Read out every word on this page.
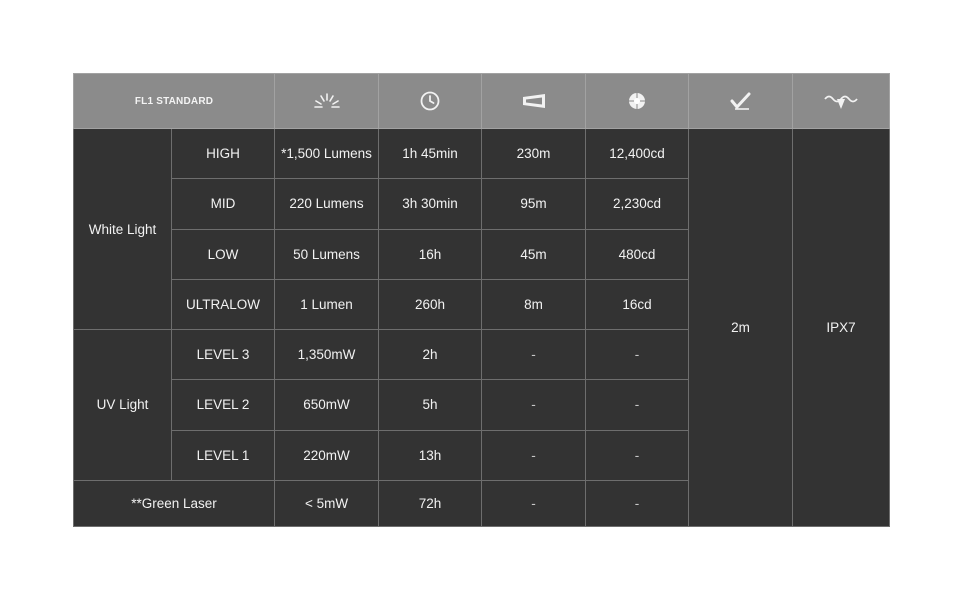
FL1 STANDARD	

White Light	HIGH	*1,500 Lumens	1h 45min	230m	12,400cd	2m	IPX7
	MID	220 Lumens	3h 30min	95m	2,230cd		
	LOW	50 Lumens	16h	45m	480cd		
	ULTRALOW	1 Lumen	260h	8m	16cd		
UV Light	LEVEL 3	1,350mW	2h	-	-		
	LEVEL 2	650mW	5h	-	-		
	LEVEL 1	220mW	13h	-	-		
**Green Laser		< 5mW	72h	-	-		
